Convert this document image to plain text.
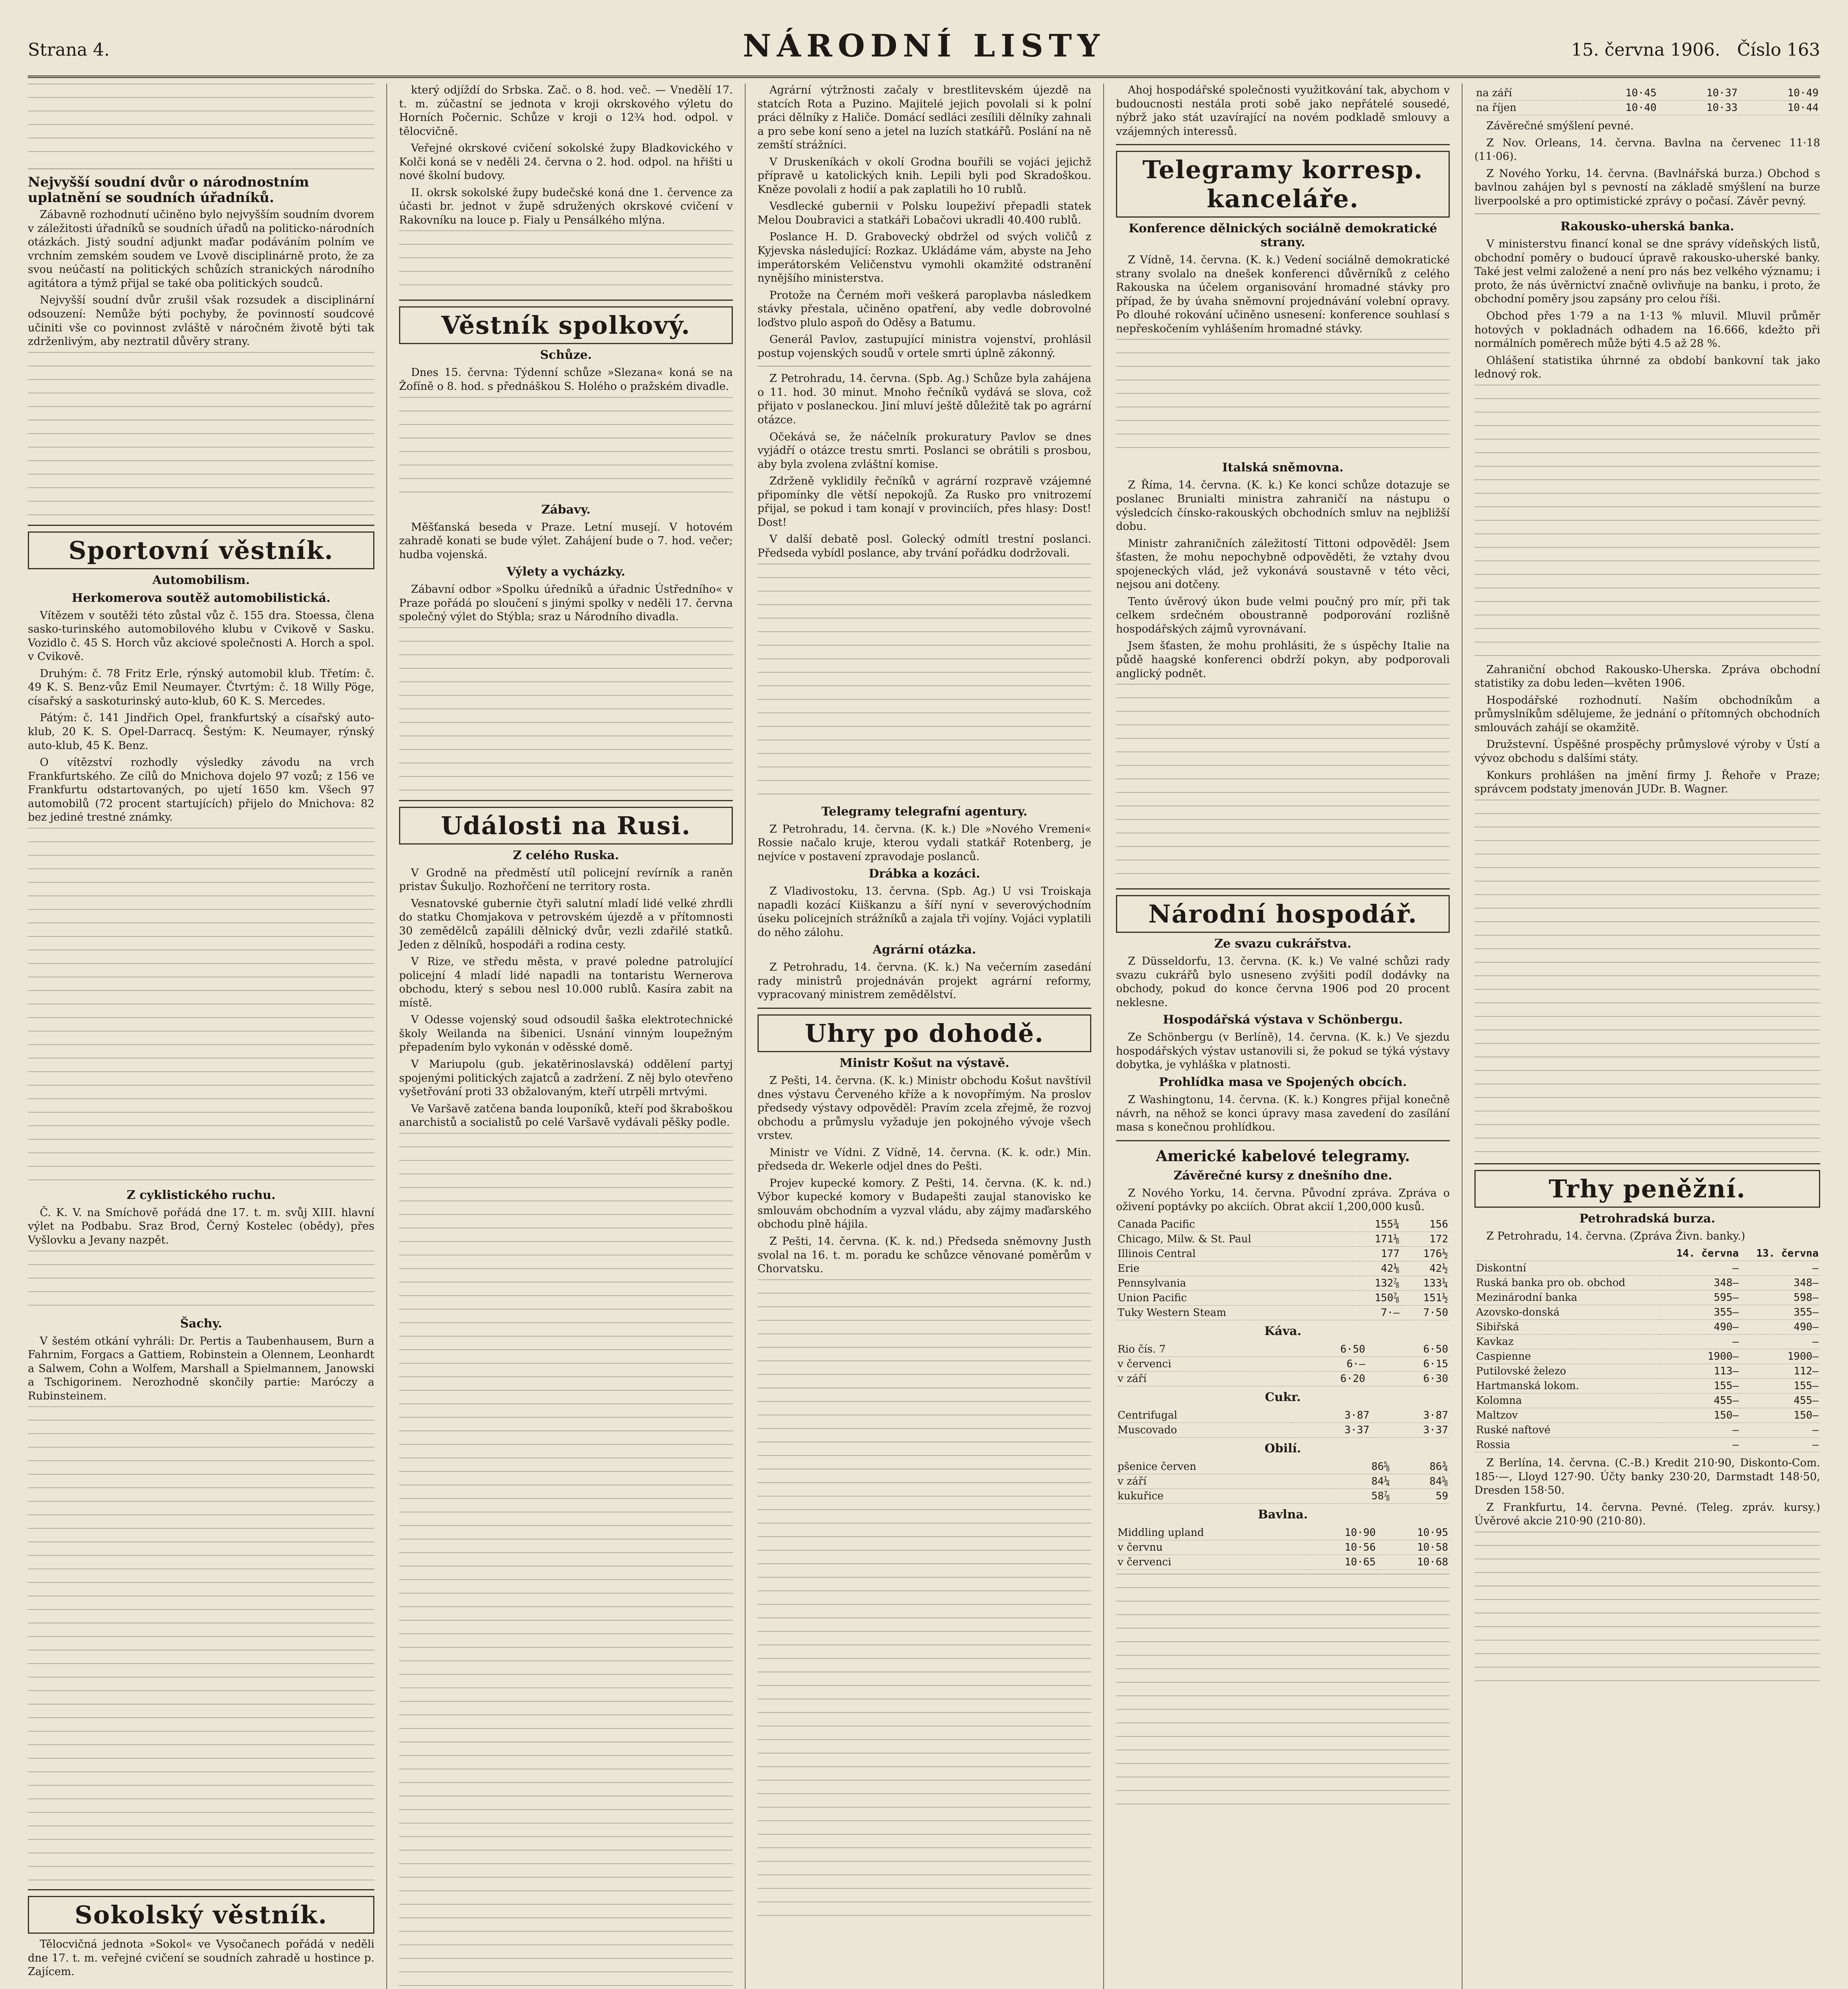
Strana 4.	NÁRODNÍ LISTY	15. června 1906. Číslo 163
Nejvyšší soudní dvůr o národnostním uplatnění se soudních úřadníků.

Zábavně rozhodnutí učiněno bylo nejvyšším soudním dvorem v záležitosti úřadníků se soudních úřadů na politicko-národních otázkách. Jistý soudní adjunkt maďar podáváním polním ve vrchním zemském soudem ve Lvově disciplinárně proto, že za svou neúčastí na politických schůzích stranických národního agitátora a týmž přijal se také oba politických soudců.

Nejvyšší soudní dvůr zrušil však rozsudek a disciplinární odsouzení: Nemůže býti pochyby, že povinností soudcové učiniti vše co povinnost zvláště v náročném životě býti tak zdrženlivým, aby neztratil důvěry strany.

Sportovní věstník.
Automobilism.
Herkomerova soutěž automobilistická.

Vítězem v soutěži této zůstal vůz č. 155 dra. Stoessa, člena sasko-turinského automobilového klubu v Cvikově v Sasku. Vozidlo č. 45 S. Horch vůz akciové společnosti A. Horch a spol. v Cvikově.

Druhým: č. 78 Fritz Erle, rýnský automobil klub. Třetím: č. 49 K. S. Benz-vůz Emil Neumayer. Čtvrtým: č. 18 Willy Pöge, císařský a saskoturinský auto-klub, 60 K. S. Mercedes.

Pátým: č. 141 Jindřich Opel, frankfurtský a císařský auto-klub, 20 K. S. Opel-Darracq. Šestým: K. Neumayer, rýnský auto-klub, 45 K. Benz.

O vítězství rozhodly výsledky závodu na vrch Frankfurtského. Ze cílů do Mnichova dojelo 97 vozů; z 156 ve Frankfurtu odstartovaných, po ujetí 1650 km. Všech 97 automobilů (72 procent startujících) přijelo do Mnichova: 82 bez jediné trestné známky.

Z cyklistického ruchu.

Č. K. V. na Smíchově pořádá dne 17. t. m. svůj XIII. hlavní výlet na Podbabu. Sraz Brod, Černý Kostelec (obědy), přes Vyšlovku a Jevany nazpět.

Šachy.

V šestém otkání vyhráli: Dr. Pertis a Taubenhausem, Burn a Fahrnim, Forgacs a Gattiem, Robinstein a Olennem, Leonhardt a Salwem, Cohn a Wolfem, Marshall a Spielmannem, Janowski a Tschigorinem. Nerozhodně skončily partie: Maróczy a Rubinsteinem.

Sokolský věstník.

Tělocvičná jednota »Sokol« ve Vysočanech pořádá v neděli dne 17. t. m. veřejné cvičení se soudních zahradě u hostince p. Zajícem.

který odjíždí do Srbska. Zač. o 8. hod. več. — Vnedělí 17. t. m. zúčastní se jednota v kroji okrskového výletu do Horních Počernic. Schůze v kroji o 12¾ hod. odpol. v tělocvičně.

Veřejné okrskové cvičení sokolské župy Bladkovického v Kolči koná se v neděli 24. června o 2. hod. odpol. na hřišti u nové školní budovy.

II. okrsk sokolské župy budečské koná dne 1. července za účasti br. jednot v župě sdružených okrskové cvičení v Rakovníku na louce p. Fialy u Pensálkého mlýna.

Věstník spolkový.
Schůze.

Dnes 15. června: Týdenní schůze »Slezana« koná se na Žofíně o 8. hod. s přednáškou S. Holého o pražském divadle.

Zábavy.

Měšťanská beseda v Praze. Letní musejí. V hotovém zahradě konati se bude výlet. Zahájení bude o 7. hod. večer; hudba vojenská.

Výlety a vycházky.

Zábavní odbor »Spolku úředníků a úřadnic Ústředního« v Praze pořádá po sloučení s jinými spolky v neděli 17. června společný výlet do Stýbla; sraz u Národního divadla.

Události na Rusi.
Z celého Ruska.

V Grodně na předměstí utíl policejní revírník a raněn pristav Šukuljo. Rozhořčení ne territory rosta.

Vesnatovské gubernie čtyři salutní mladí lidé velké zhrdli do statku Chomjakova v petrovském újezdě a v přítomnosti 30 zemědělců zapálili dělnický dvůr, vezli zdařilé statků. Jeden z dělníků, hospodáři a rodina cesty.

V Rize, ve středu města, v pravé poledne patrolující policejní 4 mladí lidé napadli na tontaristu Wernerova obchodu, který s sebou nesl 10.000 rublů. Kasíra zabit na místě.

V Odesse vojenský soud odsoudil šaška elektrotechnické školy Weilanda na šibenici. Usnání vinným loupežným přepadením bylo vykonán v oděsské domě.

V Mariupolu (gub. jekatěrinoslavská) oddělení partyj spojenými politických zajatců a zadržení. Z něj bylo otevřeno vyšetřování proti 33 obžalovaným, kteří utrpěli mrtvými.

Ve Varšavě zatčena banda louponíků, kteří pod škraboškou anarchistů a socialistů po celé Varšavě vydávali pěšky podle.

Agrární výtržnosti začaly v brestlitevském újezdě na statcích Rota a Puzino. Majitelé jejich povolali si k polní práci dělníky z Haliče. Domácí sedláci zesílili dělníky zahnali a pro sebe koní seno a jetel na luzích statkářů. Poslání na ně zemští strážníci.

V Druskeníkách v okolí Grodna bouřili se vojáci jejichž přípravě u katolických knih. Lepili byli pod Skradoškou. Kněze povolali z hodií a pak zaplatili ho 10 rublů.

Vesdlecké gubernii v Polsku loupeživí přepadli statek Melou Doubravici a statkáři Lobačovi ukradli 40.400 rublů.

Poslance H. D. Grabovecký obdržel od svých voličů z Kyjevska následující: Rozkaz. Ukládáme vám, abyste na Jeho imperátorském Veličenstvu vymohli okamžité odstranění nynějšího ministerstva.

Protože na Černém moři veškerá paroplavba následkem stávky přestala, učiněno opatření, aby vedle dobrovolné loďstvo plulo aspoň do Oděsy a Batumu.

Generál Pavlov, zastupující ministra vojenství, prohlásil postup vojenských soudů v ortele smrti úplně zákonný.

Z Petrohradu, 14. června. (Spb. Ag.) Schůze byla zahájena o 11. hod. 30 minut. Mnoho řečníků vydává se slova, což přijato v poslaneckou. Jiní mluví ještě důležitě tak po agrární otázce.

Očekává se, že náčelník prokuratury Pavlov se dnes vyjádří o otázce trestu smrti. Poslanci se obrátili s prosbou, aby byla zvolena zvláštní komise.

Zdrženě vyklidily řečníků v agrární rozpravě vzájemné připomínky dle větší nepokojů. Za Rusko pro vnitrozemí přijal, se pokud i tam konají v provinciích, přes hlasy: Dost! Dost!

V další debatě posl. Golecký odmítl trestní poslanci. Předseda vybídl poslance, aby trvání pořádku dodržovali.

Telegramy telegrafní agentury.

Z Petrohradu, 14. června. (K. k.) Dle »Nového Vremeni« Rossie načalo kruje, kterou vydali statkář Rotenberg, je nejvíce v postavení zpravodaje poslanců.

Drábka a kozáci.

Z Vladivostoku, 13. června. (Spb. Ag.) U vsi Troiskaja napadli kozácí Kiiškanzu a šíří nyní v severovýchodním úseku policejních strážníků a zajala tři vojíny. Vojáci vyplatili do něho zálohu.

Agrární otázka.

Z Petrohradu, 14. června. (K. k.) Na večerním zasedání rady ministrů projednáván projekt agrární reformy, vypracovaný ministrem zemědělství.

Uhry po dohodě.
Ministr Košut na výstavě.

Z Pešti, 14. června. (K. k.) Ministr obchodu Košut navštívil dnes výstavu Červeného kříže a k novopřímým. Na proslov předsedy výstavy odpověděl: Pravím zcela zřejmě, že rozvoj obchodu a průmyslu vyžaduje jen pokojného vývoje všech vrstev.

Ministr ve Vídni. Z Vídně, 14. června. (K. k. odr.) Min. předseda dr. Wekerle odjel dnes do Pešti.

Projev kupecké komory. Z Pešti, 14. června. (K. k. nd.) Výbor kupecké komory v Budapešti zaujal stanovisko ke smlouvám obchodním a vyzval vládu, aby zájmy maďarského obchodu plně hájila.

Z Pešti, 14. června. (K. k. nd.) Předseda sněmovny Justh svolal na 16. t. m. poradu ke schůzce věnované poměrům v Chorvatsku.

Ahoj hospodářské společnosti využitkování tak, abychom v budoucnosti nestála proti sobě jako nepřátelé sousedé, nýbrž jako stát uzavírající na novém podkladě smlouvy a vzájemných interessů.

Telegramy korresp. kanceláře.
Konference dělnických sociálně demokratické strany.

Z Vídně, 14. června. (K. k.) Vedení sociálně demokratické strany svolalo na dnešek konferenci důvěrníků z celého Rakouska na účelem organisování hromadné stávky pro případ, že by úvaha sněmovní projednávání volební opravy. Po dlouhé rokování učiněno usnesení: konference souhlasí s nepřeskočením vyhlášením hromadné stávky.

Italská sněmovna.

Z Říma, 14. června. (K. k.) Ke konci schůze dotazuje se poslanec Brunialti ministra zahraničí na nástupu o výsledcích čínsko-rakouských obchodních smluv na nejbližší dobu.

Ministr zahraničních záležitostí Tittoni odpověděl: Jsem šťasten, že mohu nepochybně odpověděti, že vztahy dvou spojeneckých vlád, jež vykonává soustavně v této věci, nejsou ani dotčeny.

Tento úvěrový úkon bude velmi poučný pro mír, při tak celkem srdečném oboustranně podporování rozlišně hospodářských zájmů vyrovnávaní.

Jsem šťasten, že mohu prohlásiti, že s úspěchy Italie na půdě haagské konferenci obdrží pokyn, aby podporovali anglický podnět.

Národní hospodář.
Ze svazu cukrářstva.

Z Düsseldorfu, 13. června. (K. k.) Ve valné schůzi rady svazu cukrářů bylo usneseno zvýšiti podíl dodávky na obchody, pokud do konce června 1906 pod 20 procent neklesne.

Hospodářská výstava v Schönbergu.

Ze Schönbergu (v Berlíně), 14. června. (K. k.) Ve sjezdu hospodářských výstav ustanovili si, že pokud se týká výstavy dobytka, je vyhláška v platnosti.

Prohlídka masa ve Spojených obcích.

Z Washingtonu, 14. června. (K. k.) Kongres přijal konečně návrh, na něhož se konci úpravy masa zavedení do zasílání masa s konečnou prohlídkou.

Americké kabelové telegramy.
Závěrečné kursy z dnešního dne.

Z Nového Yorku, 14. června. Původní zpráva. Zpráva o oživení poptávky po akciích. Obrat akcií 1,200,000 kusů.

Canada Pacific	155¾	156
Chicago, Milw. & St. Paul	171⅛	172
Illinois Central	177	176½
Erie	42⅛	42½
Pennsylvania	132⅞	133¼
Union Pacific	150⅞	151½
Tuky Western Steam	7·—	7·50
Káva.
Rio čís. 7	6·50	6·50
v červenci	6·—	6·15
v září	6·20	6·30
Cukr.
Centrifugal	3·87	3·87
Muscovado	3·37	3·37
Obilí.
pšenice červen	86⅝	86¾
v září	84¼	84⅝
kukuřice	58⅞	59
Bavlna.
Middling upland	10·90	10·95
v červnu	10·56	10·58
v červenci	10·65	10·68
na září	10·45	10·37	10·49
na říjen	10·40	10·33	10·44

Závěrečné smýšlení pevné.

Z Nov. Orleans, 14. června. Bavlna na červenec 11·18 (11·06).

Z Nového Yorku, 14. června. (Bavlnářská burza.) Obchod s bavlnou zahájen byl s pevností na základě smýšlení na burze liverpoolské a pro optimistické zprávy o počasí. Závěr pevný.

Rakousko-uherská banka.

V ministerstvu financí konal se dne správy vídeňských listů, obchodní poměry o budoucí úpravě rakousko-uherské banky. Také jest velmi založené a není pro nás bez velkého významu; i proto, že nás úvěrnictví značně ovlivňuje na banku, i proto, že obchodní poměry jsou zapsány pro celou říši.

Obchod přes 1·79 a na 1·13 % mluvil. Mluvil průměr hotových v pokladnách odhadem na 16.666, kdežto při normálních poměrech může býti 4.5 až 28 %.

Ohlášení statistika úhrnné za období bankovní tak jako lednový rok.

Zahraniční obchod Rakousko-Uherska. Zpráva obchodní statistiky za dobu leden—květen 1906.

Hospodářské rozhodnutí. Naším obchodníkům a průmyslníkům sdělujeme, že jednání o přítomných obchodních smlouvách zahájí se okamžitě.

Družstevní. Úspěšné prospěchy průmyslové výroby v Ústí a vývoz obchodu s dalšími státy.

Konkurs prohlášen na jmění firmy J. Řehoře v Praze; správcem podstaty jmenován JUDr. B. Wagner.

Trhy peněžní.
Petrohradská burza.

Z Petrohradu, 14. června. (Zpráva Živn. banky.)

	14. června	13. června
Diskontní	—	—
Ruská banka pro ob. obchod	348—	348—
Mezinárodní banka	595—	598—
Azovsko-donská	355—	355—
Sibiřská	490—	490—
Kavkaz	—	—
Caspienne	1900—	1900—
Putilovské železo	113—	112—
Hartmanská lokom.	155—	155—
Kolomna	455—	455—
Maltzov	150—	150—
Ruské naftové	—	—
Rossia	—	—

Z Berlína, 14. června. (C.-B.) Kredit 210·90, Diskonto-Com. 185·—, Lloyd 127·90. Účty banky 230·20, Darmstadt 148·50, Dresden 158·50.

Z Frankfurtu, 14. června. Pevné. (Teleg. zpráv. kursy.) Úvěrové akcie 210·90 (210·80).
